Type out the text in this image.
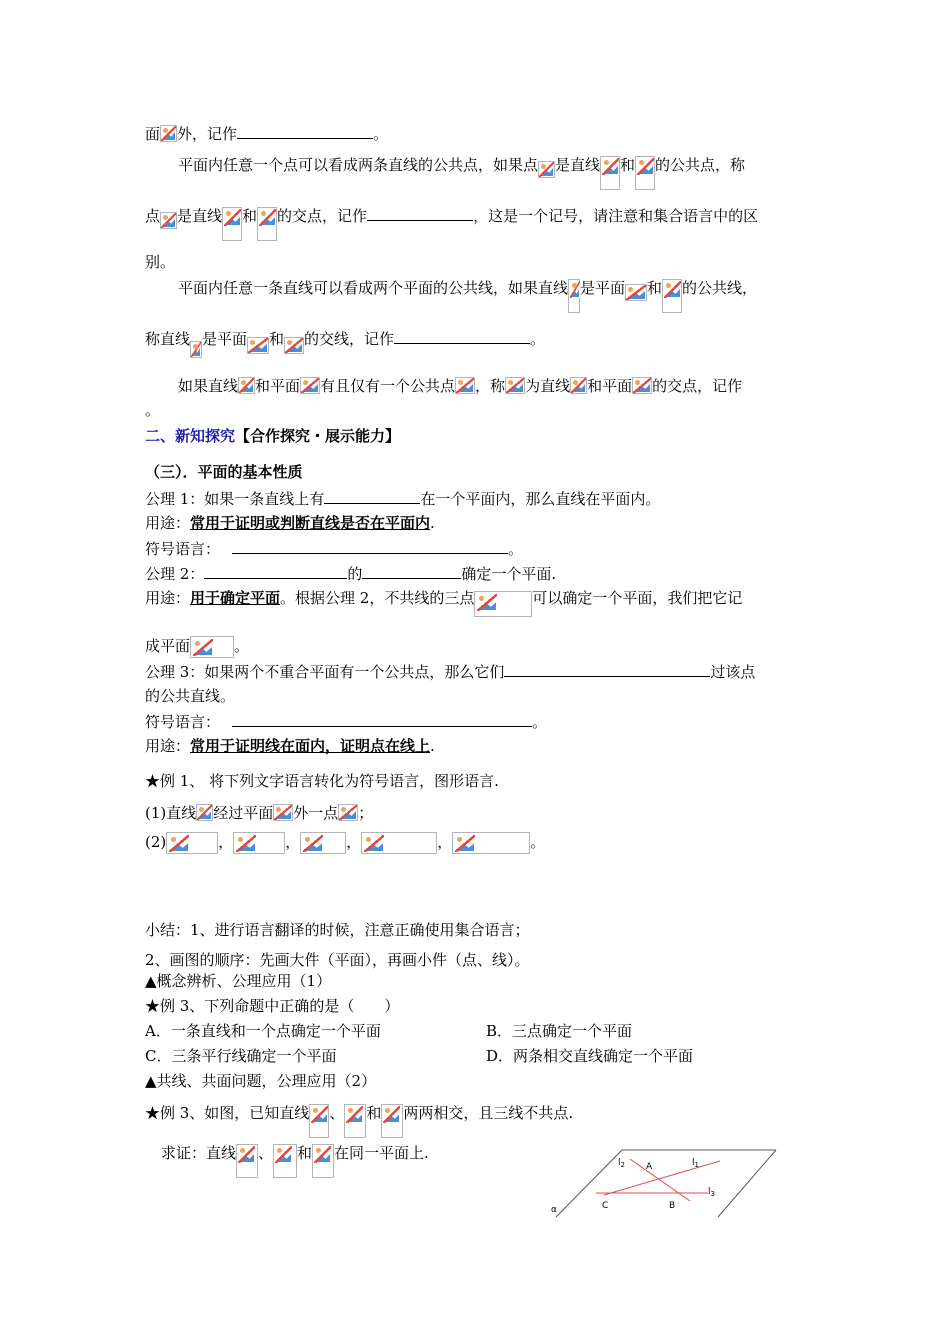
面 外，记作	。
平面内任意一个点可以看成两条直线的公共点，如果点 是直线 和 的公共点，称
点 是直线 和 的交点，记作	，这是一个记号，请注意和集合语言中的区
别。
平面内任意一条直线可以看成两个平面的公共线，如果直线 是平面 和 的公共线，
称直线 是平面 和 的交线，记作	。
如果直线 和平面 有且仅有一个公共点 ，称 为直线 和平面 的交点，记作
。
二、新知探究【合作探究・展示能力】
（三）．平面的基本性质
公理 1：如果一条直线上有	在一个平面内，那么直线在平面内。
用途：常用于证明或判断直线是否在平面内.
符号语言：	。
公理 2：	的	确定一个平面.
用途：用于确定平面。根据公理 2，不共线的三点	可以确定一个平面，我们把它记
成平面	。
公理 3：如果两个不重合平面有一个公共点，那么它们	过该点
的公共直线。
符号语言：	。
用途：常用于证明线在面内，证明点在线上.
★例 1、 将下列文字语言转化为符号语言，图形语言.
(1)直线 经过平面 外一点 ；
(2)	，	，	，	，	。
小结：1、进行语言翻译的时候，注意正确使用集合语言；
2、画图的顺序：先画大件（平面），再画小件（点、线）。
▲概念辨析、公理应用（1）
★例 3、下列命题中正确的是（　　）
A．一条直线和一个点确定一个平面	B．三点确定一个平面
C．三条平行线确定一个平面	D．两条相交直线确定一个平面
▲共线、共面问题，公理应用（2）
★例 3、如图，已知直线 、 和 两两相交，且三线不共点.
求证：直线 、 和 在同一平面上.
$l_2$	$l_1$
$l_3$
A
B
C
α
